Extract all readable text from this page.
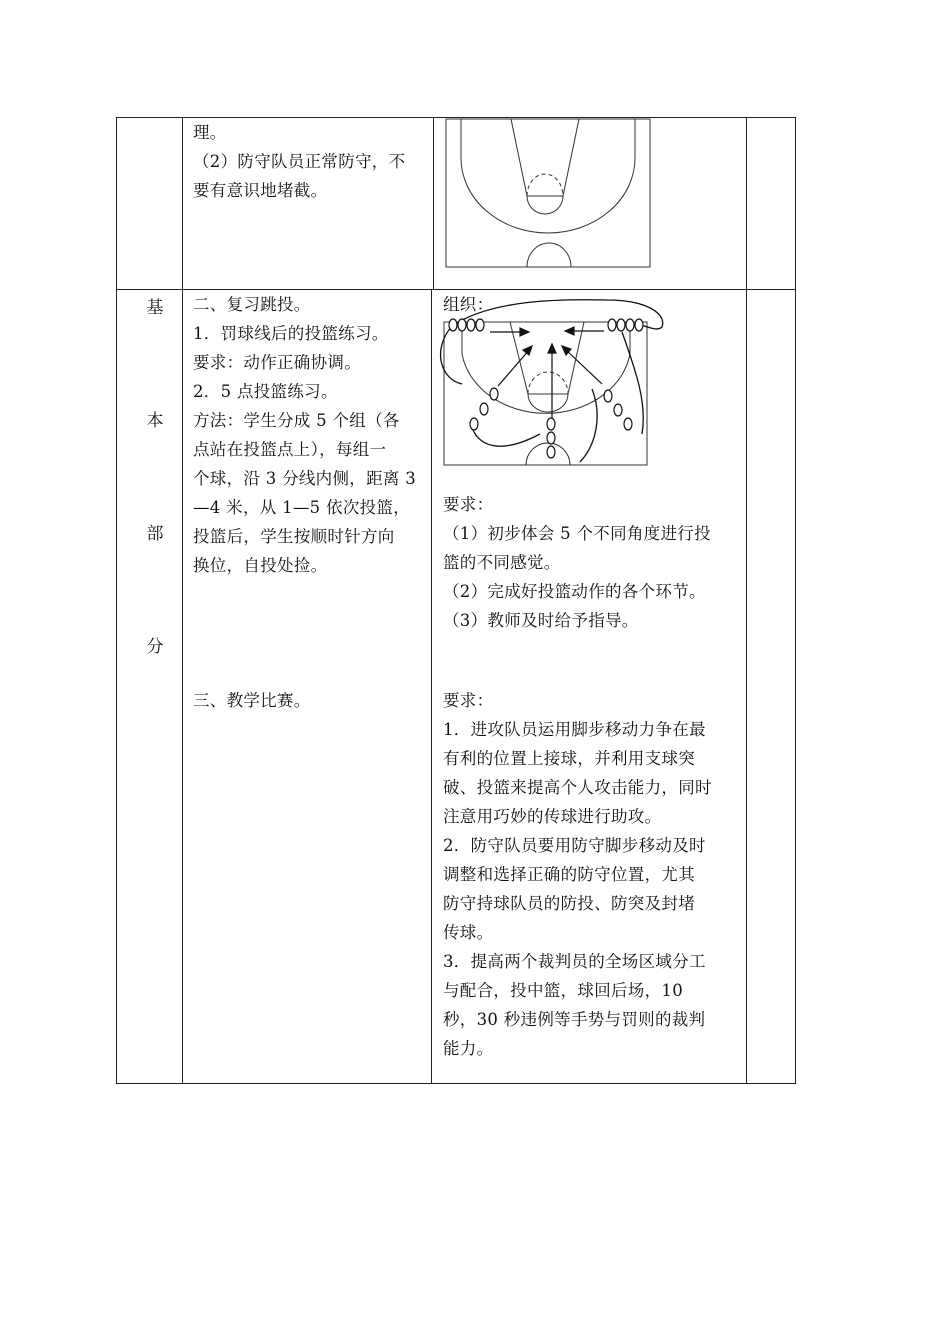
理。
（2）防守队员正常防守，不
要有意识地堵截。
基
本
部
分
二、复习跳投。
1．罚球线后的投篮练习。
要求：动作正确协调。
2．5 点投篮练习。
方法：学生分成 5 个组（各
点站在投篮点上），每组一
个球，沿 3 分线内侧，距离 3
—4 米，从 1—5 依次投篮，
投篮后，学生按顺时针方向
换位，自投处捡。
三、教学比赛。
组织：
要求：
（1）初步体会 5 个不同角度进行投
篮的不同感觉。
（2）完成好投篮动作的各个环节。
（3）教师及时给予指导。
要求：
1．进攻队员运用脚步移动力争在最
有利的位置上接球，并利用支球突
破、投篮来提高个人攻击能力，同时
注意用巧妙的传球进行助攻。
2．防守队员要用防守脚步移动及时
调整和选择正确的防守位置，尤其
防守持球队员的防投、防突及封堵
传球。
3．提高两个裁判员的全场区域分工
与配合，投中篮，球回后场，10
秒，30 秒违例等手势与罚则的裁判
能力。
